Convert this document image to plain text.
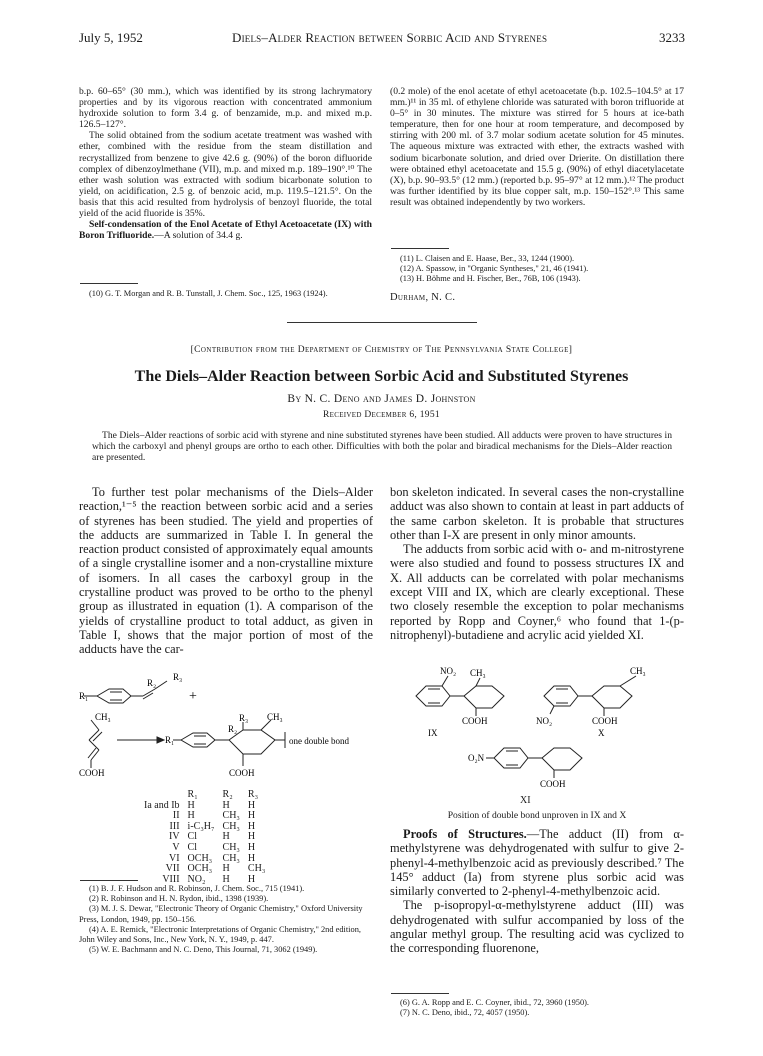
July 5, 1952	Diels–Alder Reaction between Sorbic Acid and Styrenes	3233

b.p. 60–65° (30 mm.), which was identified by its strong lachrymatory properties and by its vigorous reaction with concentrated ammonium hydroxide solution to form 3.4 g. of benzamide, m.p. and mixed m.p. 126.5–127°.

The solid obtained from the sodium acetate treatment was washed with ether, combined with the residue from the steam distillation and recrystallized from benzene to give 42.6 g. (90%) of the boron difluoride complex of dibenzoylmethane (VII), m.p. and mixed m.p. 189–190°.¹⁰ The ether wash solution was extracted with sodium bicarbonate solution to yield, on acidification, 2.5 g. of benzoic acid, m.p. 119.5–121.5°. On the basis that this acid resulted from hydrolysis of benzoyl fluoride, the total yield of the acid fluoride is 35%.

Self-condensation of the Enol Acetate of Ethyl Acetoacetate (IX) with Boron Trifluoride.—A solution of 34.4 g.

(10) G. T. Morgan and R. B. Tunstall, J. Chem. Soc., 125, 1963 (1924).

(0.2 mole) of the enol acetate of ethyl acetoacetate (b.p. 102.5–104.5° at 17 mm.)¹¹ in 35 ml. of ethylene chloride was saturated with boron trifluoride at 0–5° in 30 minutes. The mixture was stirred for 5 hours at ice-bath temperature, then for one hour at room temperature, and decomposed by stirring with 200 ml. of 3.7 molar sodium acetate solution for 45 minutes. The aqueous mixture was extracted with ether, the extracts washed with sodium bicarbonate solution, and dried over Drierite. On distillation there were obtained ethyl acetoacetate and 15.5 g. (90%) of ethyl diacetylacetate (X), b.p. 90–93.5° (12 mm.) (reported b.p. 95–97° at 12 mm.).¹² The product was further identified by its blue copper salt, m.p. 150–152°.¹³ This same result was obtained independently by two workers.

(11) L. Claisen and E. Haase, Ber., 33, 1244 (1900).

(12) A. Spassow, in "Organic Syntheses," 21, 46 (1941).

(13) H. Böhme and H. Fischer, Ber., 76B, 106 (1943).

Durham, N. C.
[Contribution from the Department of Chemistry of The Pennsylvania State College]
The Diels–Alder Reaction between Sorbic Acid and Substituted Styrenes
By N. C. Deno and James D. Johnston
Received December 6, 1951
The Diels–Alder reactions of sorbic acid with styrene and nine substituted styrenes have been studied. All adducts were proven to have structures in which the carboxyl and phenyl groups are ortho to each other. Difficulties with both the polar and biradical mechanisms for the Diels–Alder reaction are presented.

To further test polar mechanisms of the Diels–Alder reaction,¹⁻⁵ the reaction between sorbic acid and a series of styrenes has been studied. The yield and properties of the adducts are summarized in Table I. In general the reaction product consisted of approximately equal amounts of a single crystalline isomer and a non-crystalline mixture of isomers. In all cases the carboxyl group in the crystalline product was proved to be ortho to the phenyl group as illustrated in equation (1). A comparison of the yields of crystalline product to total adduct, as given in Table I, shows that the major portion of most of the adducts have the car-

bon skeleton indicated. In several cases the non-crystalline adduct was also shown to contain at least in part adducts of the same carbon skeleton. It is probable that structures other than I-X are present in only minor amounts.

The adducts from sorbic acid with o- and m-nitrostyrene were also studied and found to possess structures IX and X. All adducts can be correlated with polar mechanisms except VIII and IX, which are clearly exceptional. These two closely resemble the exception to polar mechanisms reported by Ropp and Coyner,⁶ who found that 1-(p-nitrophenyl)-butadiene and acrylic acid yielded XI.

R₃
R₂
R₁	+
CH₃
COOH
R₁
R₃
R₂
CH₃
COOH
one double bond
	R₁	R₂	R₃
Ia and Ib	H	H	H
II	H	CH₃	H
III	i-C₃H₇	CH₃	H
IV	Cl	H	H
V	Cl	CH₃	H
VI	OCH₃	CH₃	H
VII	OCH₃	H	CH₃
VIII	NO₂	H	H

(1) B. J. F. Hudson and R. Robinson, J. Chem. Soc., 715 (1941).

(2) R. Robinson and H. N. Rydon, ibid., 1398 (1939).

(3) M. J. S. Dewar, "Electronic Theory of Organic Chemistry," Oxford University Press, London, 1949, pp. 150–156.

(4) A. E. Remick, "Electronic Interpretations of Organic Chemistry," 2nd edition, John Wiley and Sons, Inc., New York, N. Y., 1949, p. 447.

(5) W. E. Bachmann and N. C. Deno, This Journal, 71, 3062 (1949).

NO₂ CH₃	CH₃
COOH	NO₂	COOH
IX	X
O₂N
COOH
XI
Position of double bond unproven in IX and X

Proofs of Structures.—The adduct (II) from α-methylstyrene was dehydrogenated with sulfur to give 2-phenyl-4-methylbenzoic acid as previously described.⁷ The 145° adduct (Ia) from styrene plus sorbic acid was similarly converted to 2-phenyl-4-methylbenzoic acid.

The p-isopropyl-α-methylstyrene adduct (III) was dehydrogenated with sulfur accompanied by loss of the angular methyl group. The resulting acid was cyclized to the corresponding fluorenone,

(6) G. A. Ropp and E. C. Coyner, ibid., 72, 3960 (1950).

(7) N. C. Deno, ibid., 72, 4057 (1950).
